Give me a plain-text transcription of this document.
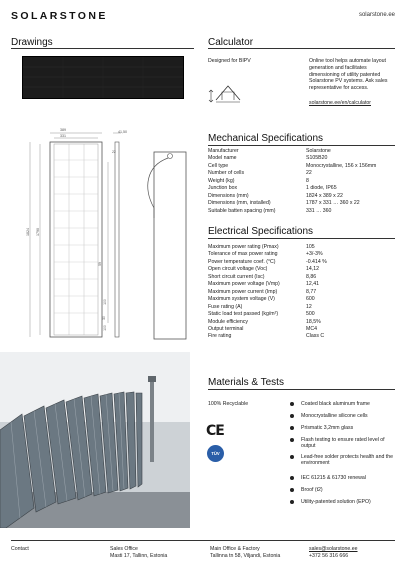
SOLARSTONE	solarstone.ee
Drawings
389
331
41,50
1824 1790
22
59
100
30
100
Calculator
Designed for BIPV	Online tool helps automate layout generation and facilitates dimensioning of utility patented Solarstone PV systems. Ask sales representative for access.
solarstone.ee/en/calculator
Mechanical Specifications
Manufacturer	Solarstone
Model name	S105B20
Cell type	Monocrystalline, 156 x 156mm
Number of cells	22
Weight (kg)	8
Junction box	1 diode, IP65
Dimensions (mm)	1824 x 389 x 22
Dimensions (mm, installed)	1787 x 331 … 360 x 22
Suitable batten spacing (mm)	331 … 360
Electrical Specifications
Maximum power rating (Pmax)	105
Tolerance of max power rating	+3/-3%
Power temperature coef. (°C)	-0.414 %
Open circuit voltage (Voc)	14,12
Short circuit current (Isc)	8,86
Maximum power voltage (Vmp)	12,41
Maximum power current (Imp)	8,77
Maximum system voltage (V)	600
Fuse rating (A)	12
Static load test passed (kg/m²)	500
Module efficiency	18,5%
Output terminal	MC4
Fire rating	Class C
Materials & Tests
100% Recyclable
CE
TÜV
Coated black aluminum frame
Monocrystalline silicone cells
Prismatic 3,2mm glass
Flash testing to ensure rated level of output
Lead-free solder protects health and the environment
IEC 61215 & 61730 renewal
Broof (t2)
Utility-patented solution (EPO)
Contact	Sales Office
Masti 17, Tallinn, Estonia
Main Office & Factory
Tallinna tn 58, Viljandi, Estonia
sales@solarstone.ee
+372 56 316 666
